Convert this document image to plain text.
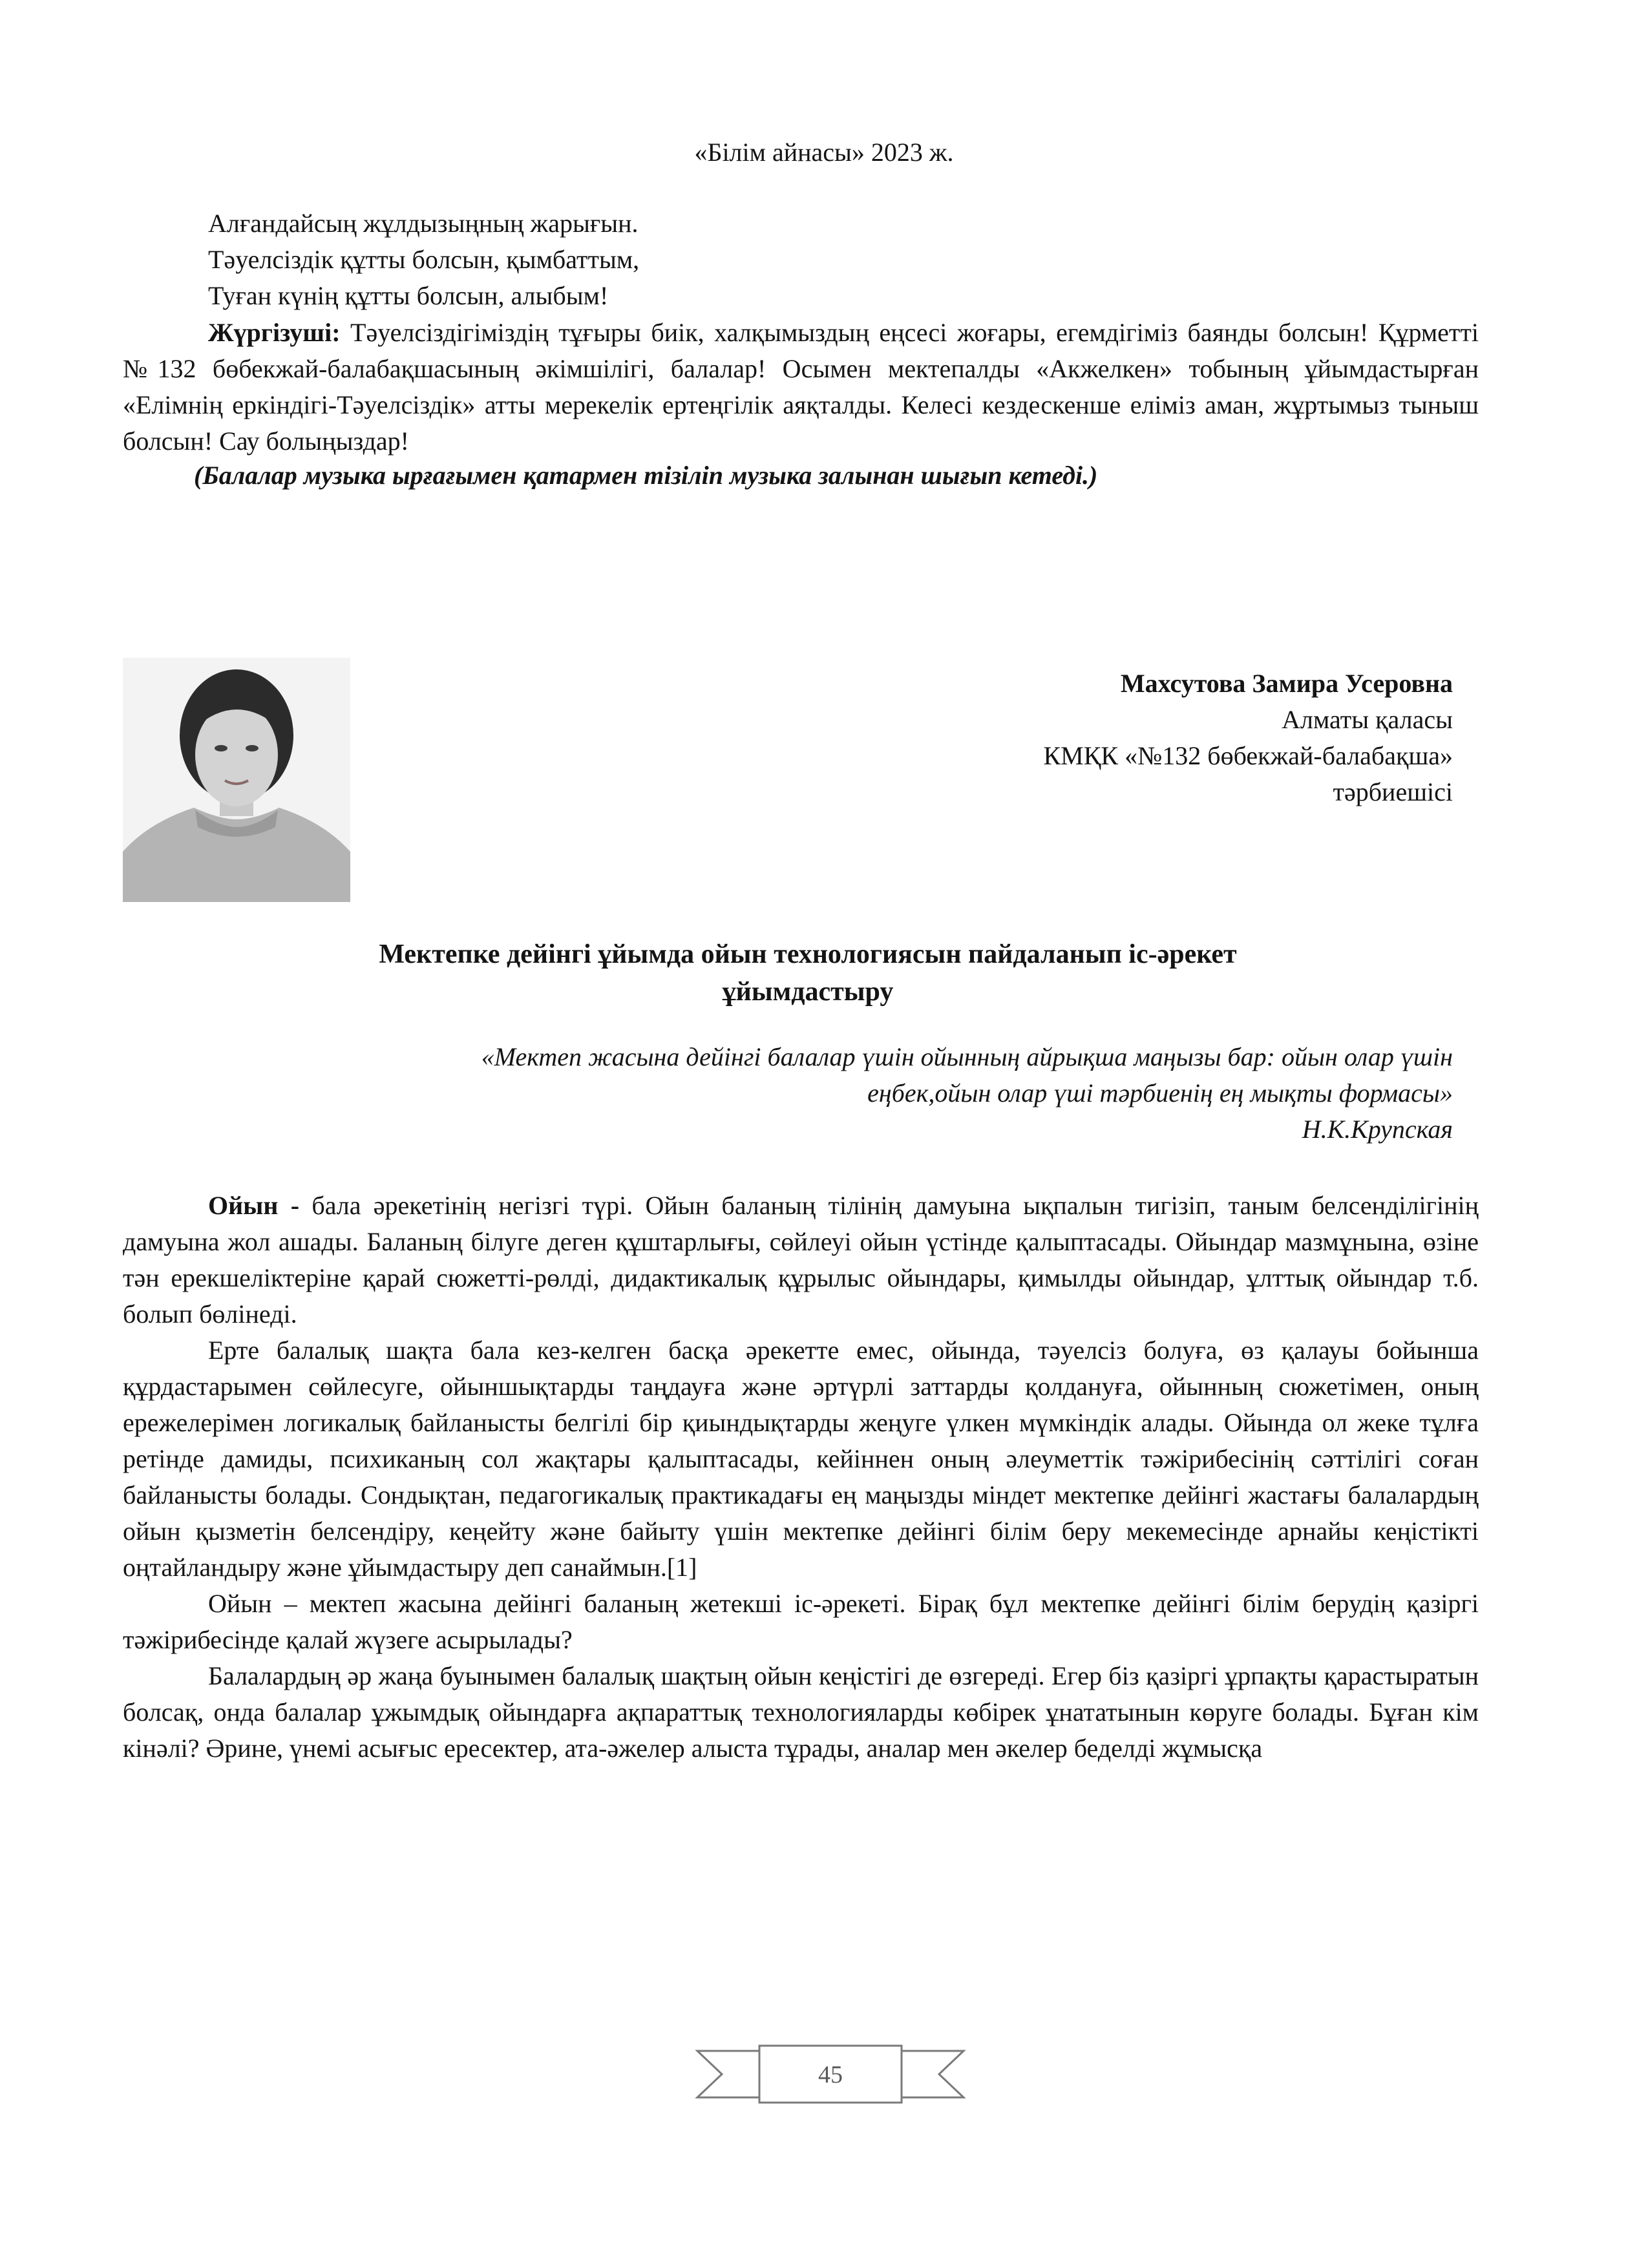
«Білім айнасы» 2023 ж.
Алғандайсың жұлдызыңның жарығын.
Тәуелсіздік құтты болсын, қымбаттым,
Туған күнің құтты болсын, алыбым!
Жүргізуші: Тәуелсіздігіміздің тұғыры биік, халқымыздың еңсесі жоғары, егемдігіміз баянды болсын! Құрметті №132 бөбекжай-балабақшасының әкімшілігі, балалар! Осымен мектепалды «Акжелкен» тобының ұйымдастырған «Елімнің еркіндігі-Тәуелсіздік» атты мерекелік ертеңгілік аяқталды. Келесі кездескенше еліміз аман, жұртымыз тыныш болсын! Сау болыңыздар!
(Балалар музыка ырғағымен қатармен тізіліп музыка залынан шығып кетеді.)
Махсутова Замира Усеровна
Алматы қаласы
КМҚК «№132 бөбекжай-балабақша»
тәрбиешісі
Мектепке дейінгі ұйымда ойын технологиясын пайдаланып іс-әрекет
ұйымдастыру
«Мектеп жасына дейінгі балалар үшін ойынның айрықша маңызы бар: ойын олар үшін
еңбек,ойын олар үші тәрбиенің ең мықты формасы»
Н.К.Крупская

Ойын - бала әрекетінің негізгі түрі. Ойын баланың тілінің дамуына ықпалын тигізіп, таным белсенділігінің дамуына жол ашады. Баланың білуге деген құштарлығы, сөйлеуі ойын үстінде қалыптасады. Ойындар мазмұнына, өзіне тән ерекшеліктеріне қарай сюжетті-рөлді, дидактикалық құрылыс ойындары, қимылды ойындар, ұлттық ойындар т.б. болып бөлінеді.

Ерте балалық шақта бала кез-келген басқа әрекетте емес, ойында, тәуелсіз болуға, өз қалауы бойынша құрдастарымен сөйлесуге, ойыншықтарды таңдауға және әртүрлі заттарды қолдануға, ойынның сюжетімен, оның ережелерімен логикалық байланысты белгілі бір қиындықтарды жеңуге үлкен мүмкіндік алады. Ойында ол жеке тұлға ретінде дамиды, психиканың сол жақтары қалыптасады, кейіннен оның әлеуметтік тәжірибесінің сәттілігі соған байланысты болады. Сондықтан, педагогикалық практикадағы ең маңызды міндет мектепке дейінгі жастағы балалардың ойын қызметін белсендіру, кеңейту және байыту үшін мектепке дейінгі білім беру мекемесінде арнайы кеңістікті оңтайландыру және ұйымдастыру деп санаймын.[1]

Ойын – мектеп жасына дейінгі баланың жетекші іс-әрекеті. Бірақ бұл мектепке дейінгі білім берудің қазіргі тәжірибесінде қалай жүзеге асырылады?

Балалардың әр жаңа буынымен балалық шақтың ойын кеңістігі де өзгереді. Егер біз қазіргі ұрпақты қарастыратын болсақ, онда балалар ұжымдық ойындарға ақпараттық технологияларды көбірек ұнататынын көруге болады. Бұған кім кінәлі? Әрине, үнемі асығыс ересектер, ата-әжелер алыста тұрады, аналар мен әкелер беделді жұмысқа

45
